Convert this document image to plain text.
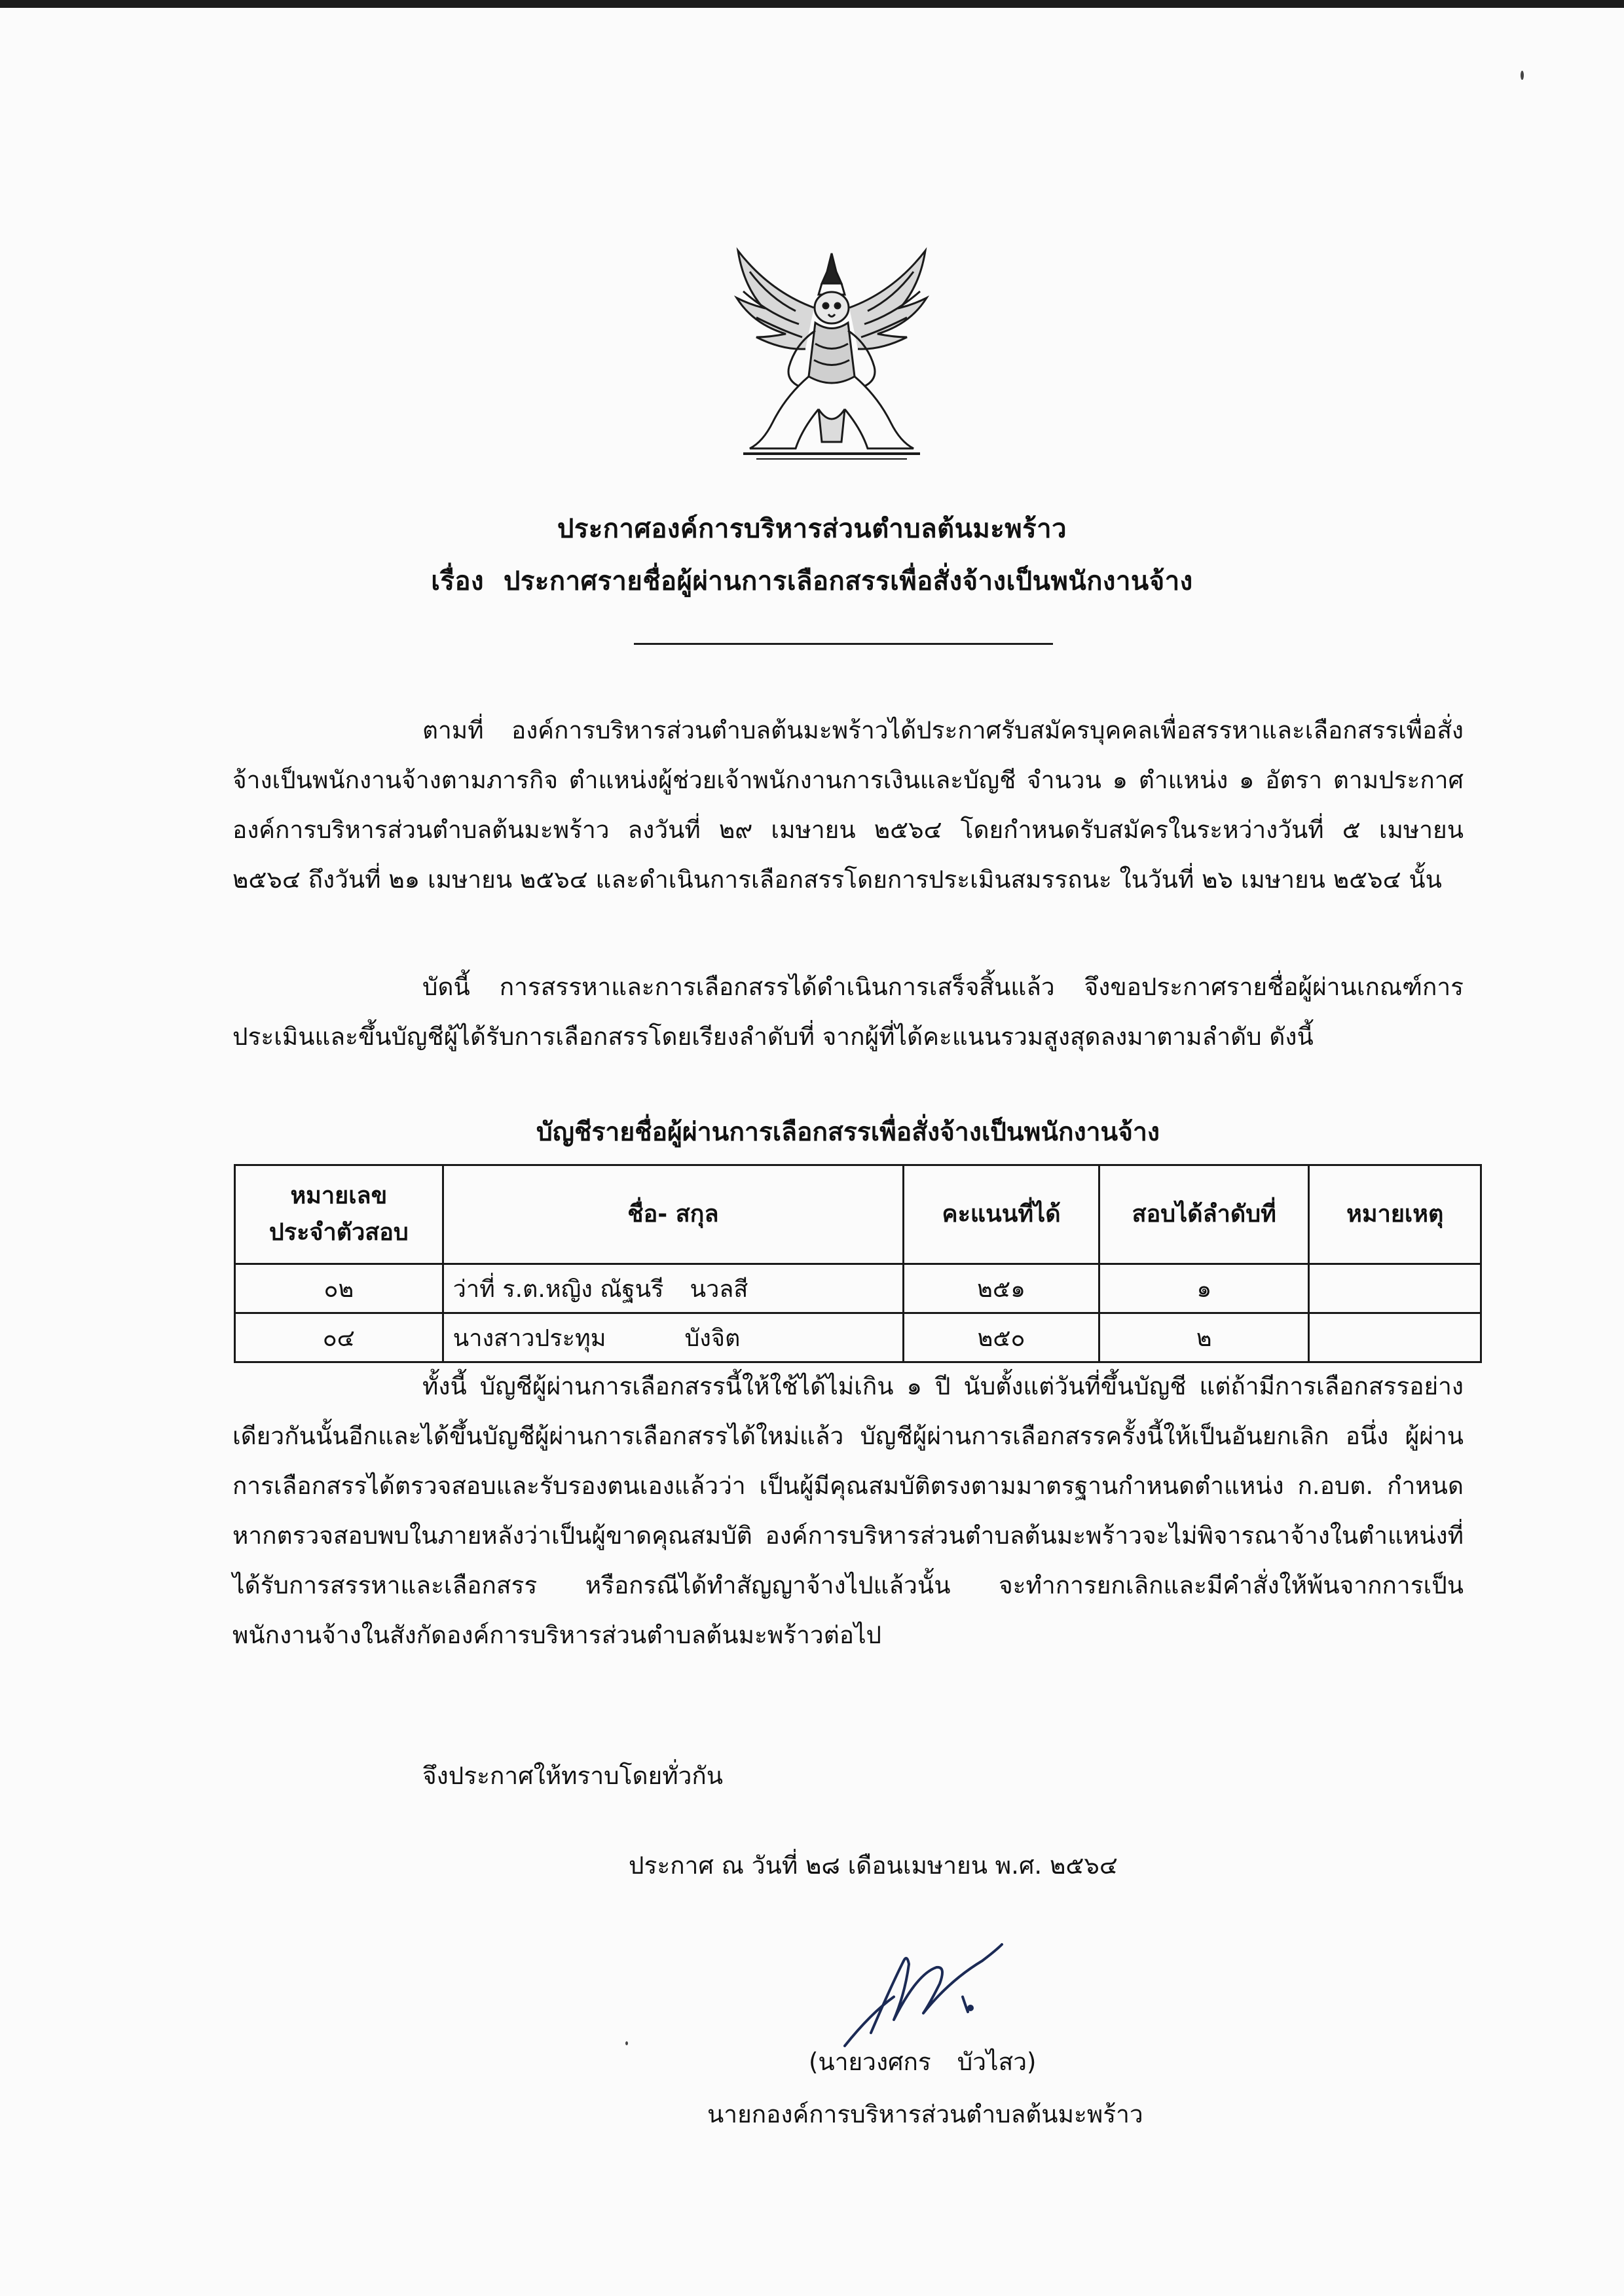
ประกาศองค์การบริหารส่วนตำบลต้นมะพร้าว
เรื่อง ประกาศรายชื่อผู้ผ่านการเลือกสรรเพื่อสั่งจ้างเป็นพนักงานจ้าง
ตามที่ องค์การบริหารส่วนตำบลต้นมะพร้าวได้ประกาศรับสมัครบุคคลเพื่อสรรหาและเลือกสรรเพื่อสั่งจ้างเป็นพนักงานจ้างตามภารกิจ ตำแหน่งผู้ช่วยเจ้าพนักงานการเงินและบัญชี จำนวน ๑ ตำแหน่ง ๑ อัตรา ตามประกาศองค์การบริหารส่วนตำบลต้นมะพร้าว ลงวันที่ ๒๙ เมษายน ๒๕๖๔ โดยกำหนดรับสมัครในระหว่างวันที่ ๕ เมษายน ๒๕๖๔ ถึงวันที่ ๒๑ เมษายน ๒๕๖๔ และดำเนินการเลือกสรรโดยการประเมินสมรรถนะ ในวันที่ ๒๖ เมษายน ๒๕๖๔ นั้น
บัดนี้ การสรรหาและการเลือกสรรได้ดำเนินการเสร็จสิ้นแล้ว จึงขอประกาศรายชื่อผู้ผ่านเกณฑ์การประเมินและขึ้นบัญชีผู้ได้รับการเลือกสรรโดยเรียงลำดับที่ จากผู้ที่ได้คะแนนรวมสูงสุดลงมาตามลำดับ ดังนี้
บัญชีรายชื่อผู้ผ่านการเลือกสรรเพื่อสั่งจ้างเป็นพนักงานจ้าง
หมายเลข
ประจำตัวสอบ	ชื่อ- สกุล	คะแนนที่ได้	สอบได้ลำดับที่	หมายเหตุ
๐๒	ว่าที่ ร.ต.หญิง ณัฐนรี นวลสี	๒๕๑	๑	
๐๔	นางสาวประทุม บังจิต	๒๕๐	๒	
ทั้งนี้ บัญชีผู้ผ่านการเลือกสรรนี้ให้ใช้ได้ไม่เกิน ๑ ปี นับตั้งแต่วันที่ขึ้นบัญชี แต่ถ้ามีการเลือกสรรอย่างเดียวกันนั้นอีกและได้ขึ้นบัญชีผู้ผ่านการเลือกสรรได้ใหม่แล้ว บัญชีผู้ผ่านการเลือกสรรครั้งนี้ให้เป็นอันยกเลิก อนึ่ง ผู้ผ่านการเลือกสรรได้ตรวจสอบและรับรองตนเองแล้วว่า เป็นผู้มีคุณสมบัติตรงตามมาตรฐานกำหนดตำแหน่ง ก.อบต. กำหนด หากตรวจสอบพบในภายหลังว่าเป็นผู้ขาดคุณสมบัติ องค์การบริหารส่วนตำบลต้นมะพร้าวจะไม่พิจารณาจ้างในตำแหน่งที่ได้รับการสรรหาและเลือกสรร หรือกรณีได้ทำสัญญาจ้างไปแล้วนั้น จะทำการยกเลิกและมีคำสั่งให้พ้นจากการเป็นพนักงานจ้างในสังกัดองค์การบริหารส่วนตำบลต้นมะพร้าวต่อไป
จึงประกาศให้ทราบโดยทั่วกัน
ประกาศ ณ วันที่ ๒๘ เดือนเมษายน พ.ศ. ๒๕๖๔
(นายวงศกร บัวไสว)
นายกองค์การบริหารส่วนตำบลต้นมะพร้าว
